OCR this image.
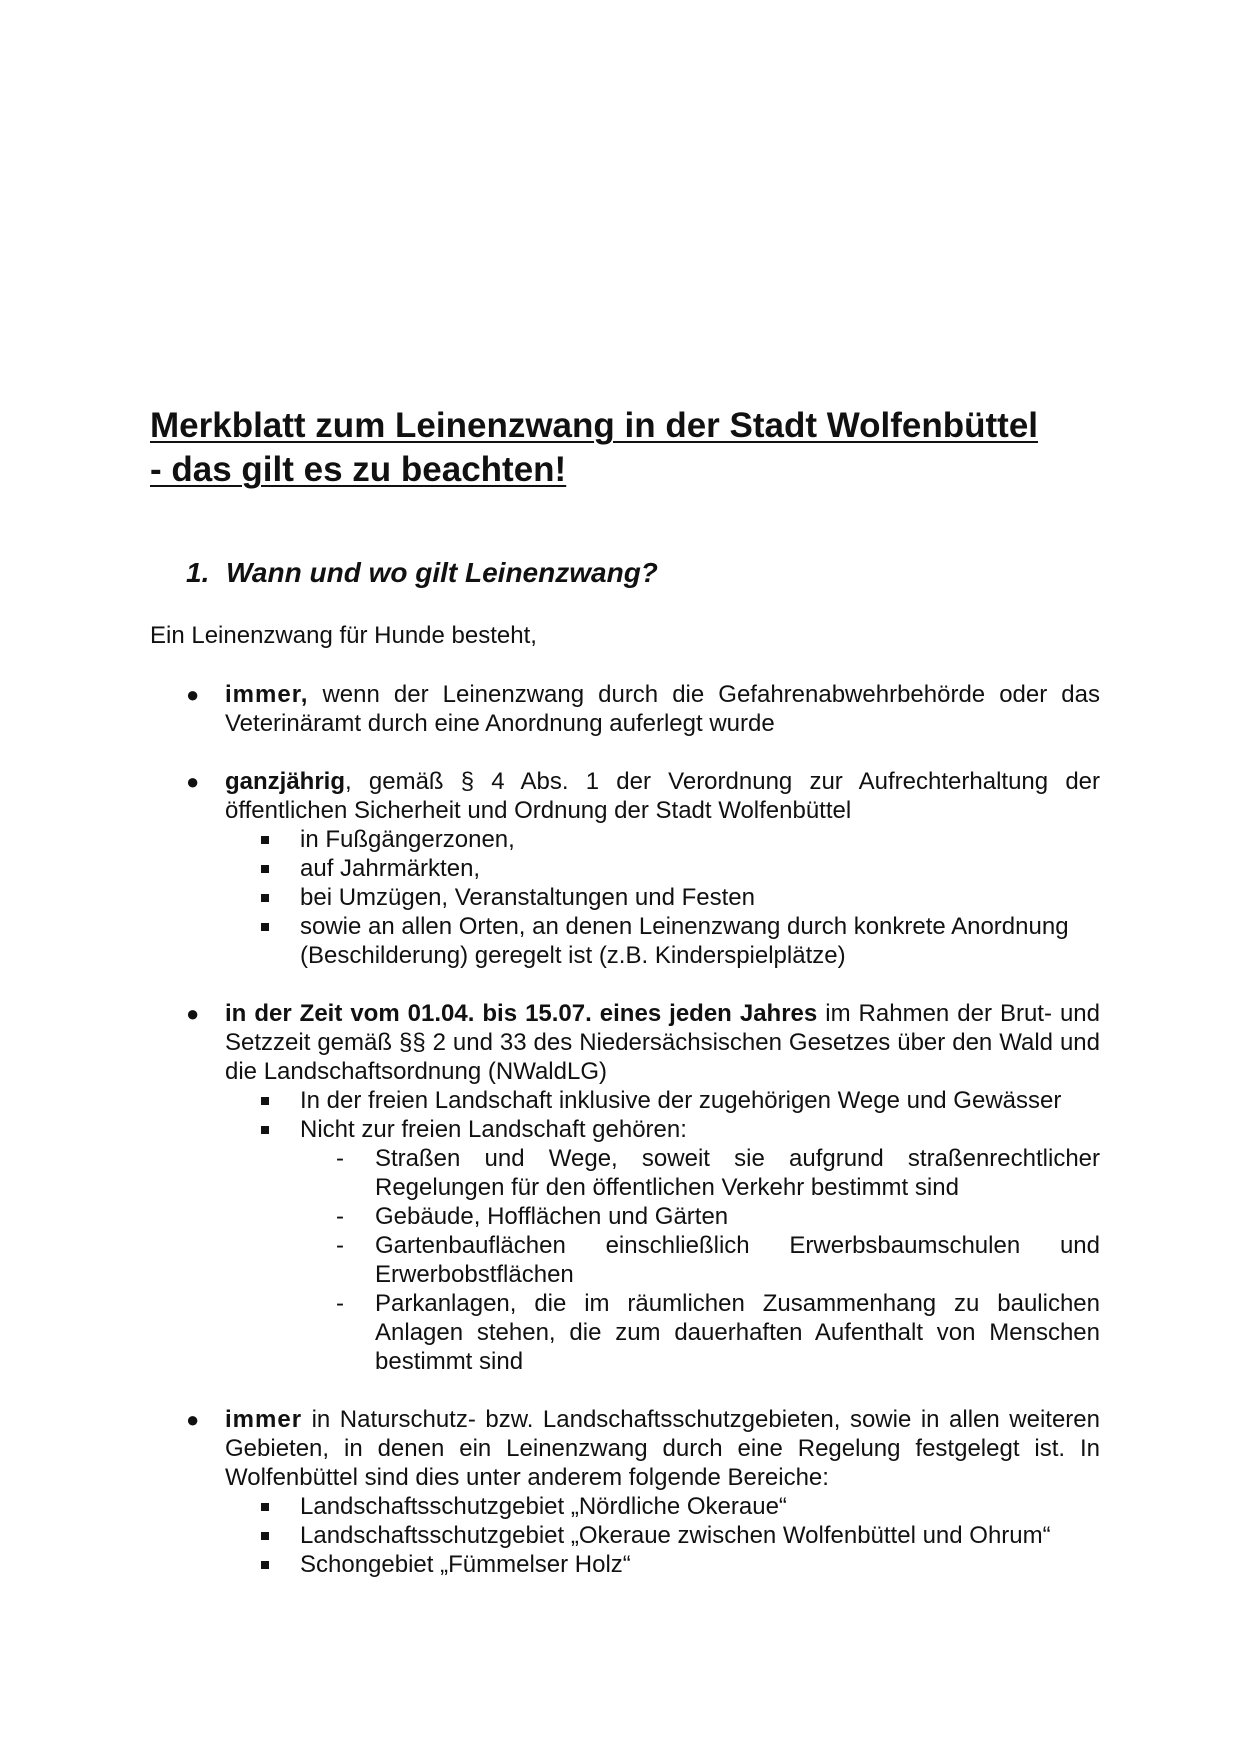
Merkblatt zum Leinenzwang in der Stadt Wolfenbüttel
- das gilt es zu beachten!
1. Wann und wo gilt Leinenzwang?
Ein Leinenzwang für Hunde besteht,
● immer, wenn der Leinenzwang durch die Gefahrenabwehrbehörde oder das Veterinäramt durch eine Anordnung auferlegt wurde
● ganzjährig, gemäß § 4 Abs. 1 der Verordnung zur Aufrechterhaltung der öffentlichen Sicherheit und Ordnung der Stadt Wolfenbüttel
in Fußgängerzonen,
auf Jahrmärkten,
bei Umzügen, Veranstaltungen und Festen
sowie an allen Orten, an denen Leinenzwang durch konkrete Anordnung (Beschilderung) geregelt ist (z.B. Kinderspielplätze)
● in der Zeit vom 01.04. bis 15.07. eines jeden Jahres im Rahmen der Brut- und Setzzeit gemäß §§ 2 und 33 des Niedersächsischen Gesetzes über den Wald und die Landschaftsordnung (NWaldLG)
In der freien Landschaft inklusive der zugehörigen Wege und Gewässer
Nicht zur freien Landschaft gehören:
- Straßen und Wege, soweit sie aufgrund straßenrechtlicher Regelungen für den öffentlichen Verkehr bestimmt sind
- Gebäude, Hofflächen und Gärten
- Gartenbauflächen einschließlich Erwerbsbaumschulen und Erwerbobstflächen
- Parkanlagen, die im räumlichen Zusammenhang zu baulichen Anlagen stehen, die zum dauerhaften Aufenthalt von Menschen bestimmt sind
● immer in Naturschutz- bzw. Landschaftsschutzgebieten, sowie in allen weiteren Gebieten, in denen ein Leinenzwang durch eine Regelung festgelegt ist. In Wolfenbüttel sind dies unter anderem folgende Bereiche:
Landschaftsschutzgebiet „Nördliche Okeraue“
Landschaftsschutzgebiet „Okeraue zwischen Wolfenbüttel und Ohrum“
Schongebiet „Fümmelser Holz“
